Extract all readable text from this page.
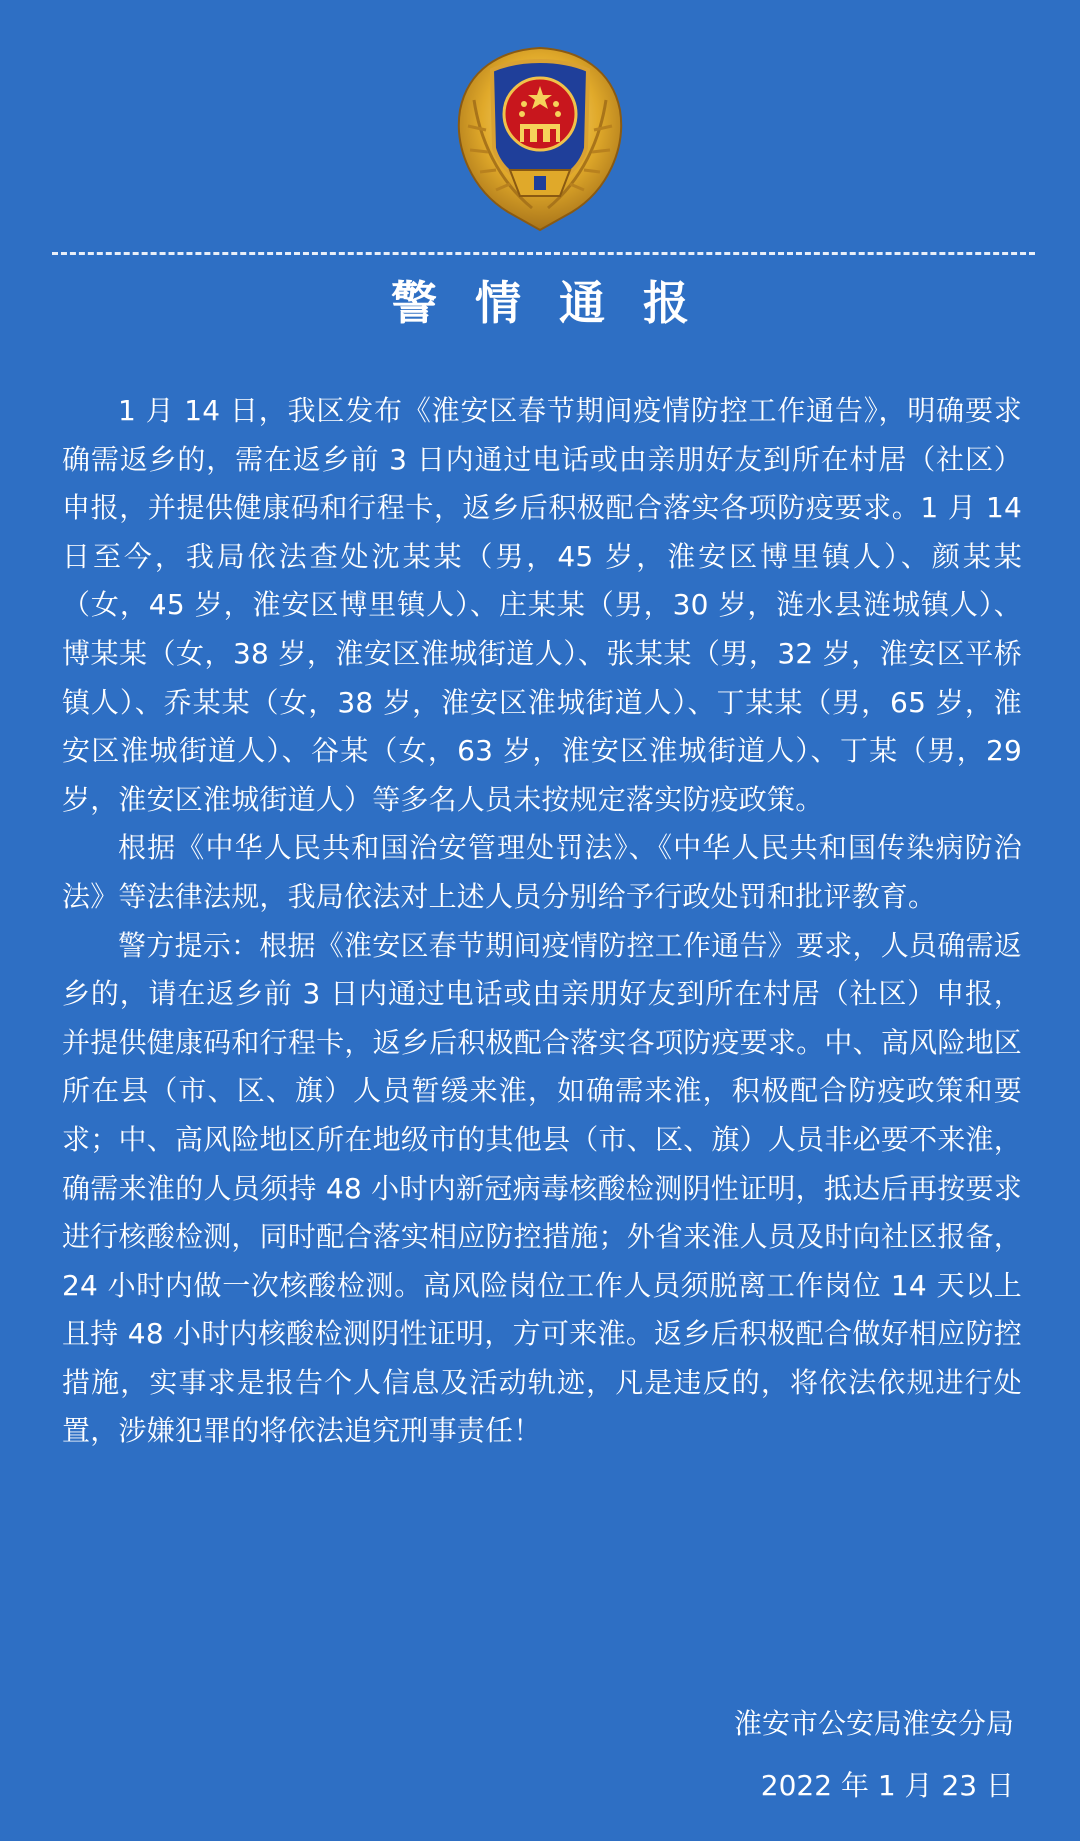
警情通报

1 月 14 日，我区发布《淮安区春节期间疫情防控工作通告》，明确要求确需返乡的，需在返乡前 3 日内通过电话或由亲朋好友到所在村居（社区）申报，并提供健康码和行程卡，返乡后积极配合落实各项防疫要求。1 月 14 日至今，我局依法查处沈某某（男，45 岁，淮安区博里镇人）、颜某某（女，45 岁，淮安区博里镇人）、庄某某（男，30 岁，涟水县涟城镇人）、博某某（女，38 岁，淮安区淮城街道人）、张某某（男，32 岁，淮安区平桥镇人）、乔某某（女，38 岁，淮安区淮城街道人）、丁某某（男，65 岁，淮安区淮城街道人）、谷某（女，63 岁，淮安区淮城街道人）、丁某（男，29 岁，淮安区淮城街道人）等多名人员未按规定落实防疫政策。

根据《中华人民共和国治安管理处罚法》、《中华人民共和国传染病防治法》等法律法规，我局依法对上述人员分别给予行政处罚和批评教育。

警方提示：根据《淮安区春节期间疫情防控工作通告》要求，人员确需返乡的，请在返乡前 3 日内通过电话或由亲朋好友到所在村居（社区）申报，并提供健康码和行程卡，返乡后积极配合落实各项防疫要求。中、高风险地区所在县（市、区、旗）人员暂缓来淮，如确需来淮，积极配合防疫政策和要求；中、高风险地区所在地级市的其他县（市、区、旗）人员非必要不来淮，确需来淮的人员须持 48 小时内新冠病毒核酸检测阴性证明，抵达后再按要求进行核酸检测，同时配合落实相应防控措施；外省来淮人员及时向社区报备，24 小时内做一次核酸检测。高风险岗位工作人员须脱离工作岗位 14 天以上且持 48 小时内核酸检测阴性证明，方可来淮。返乡后积极配合做好相应防控措施，实事求是报告个人信息及活动轨迹，凡是违反的，将依法依规进行处置，涉嫌犯罪的将依法追究刑事责任！

淮安市公安局淮安分局
2022 年 1 月 23 日
